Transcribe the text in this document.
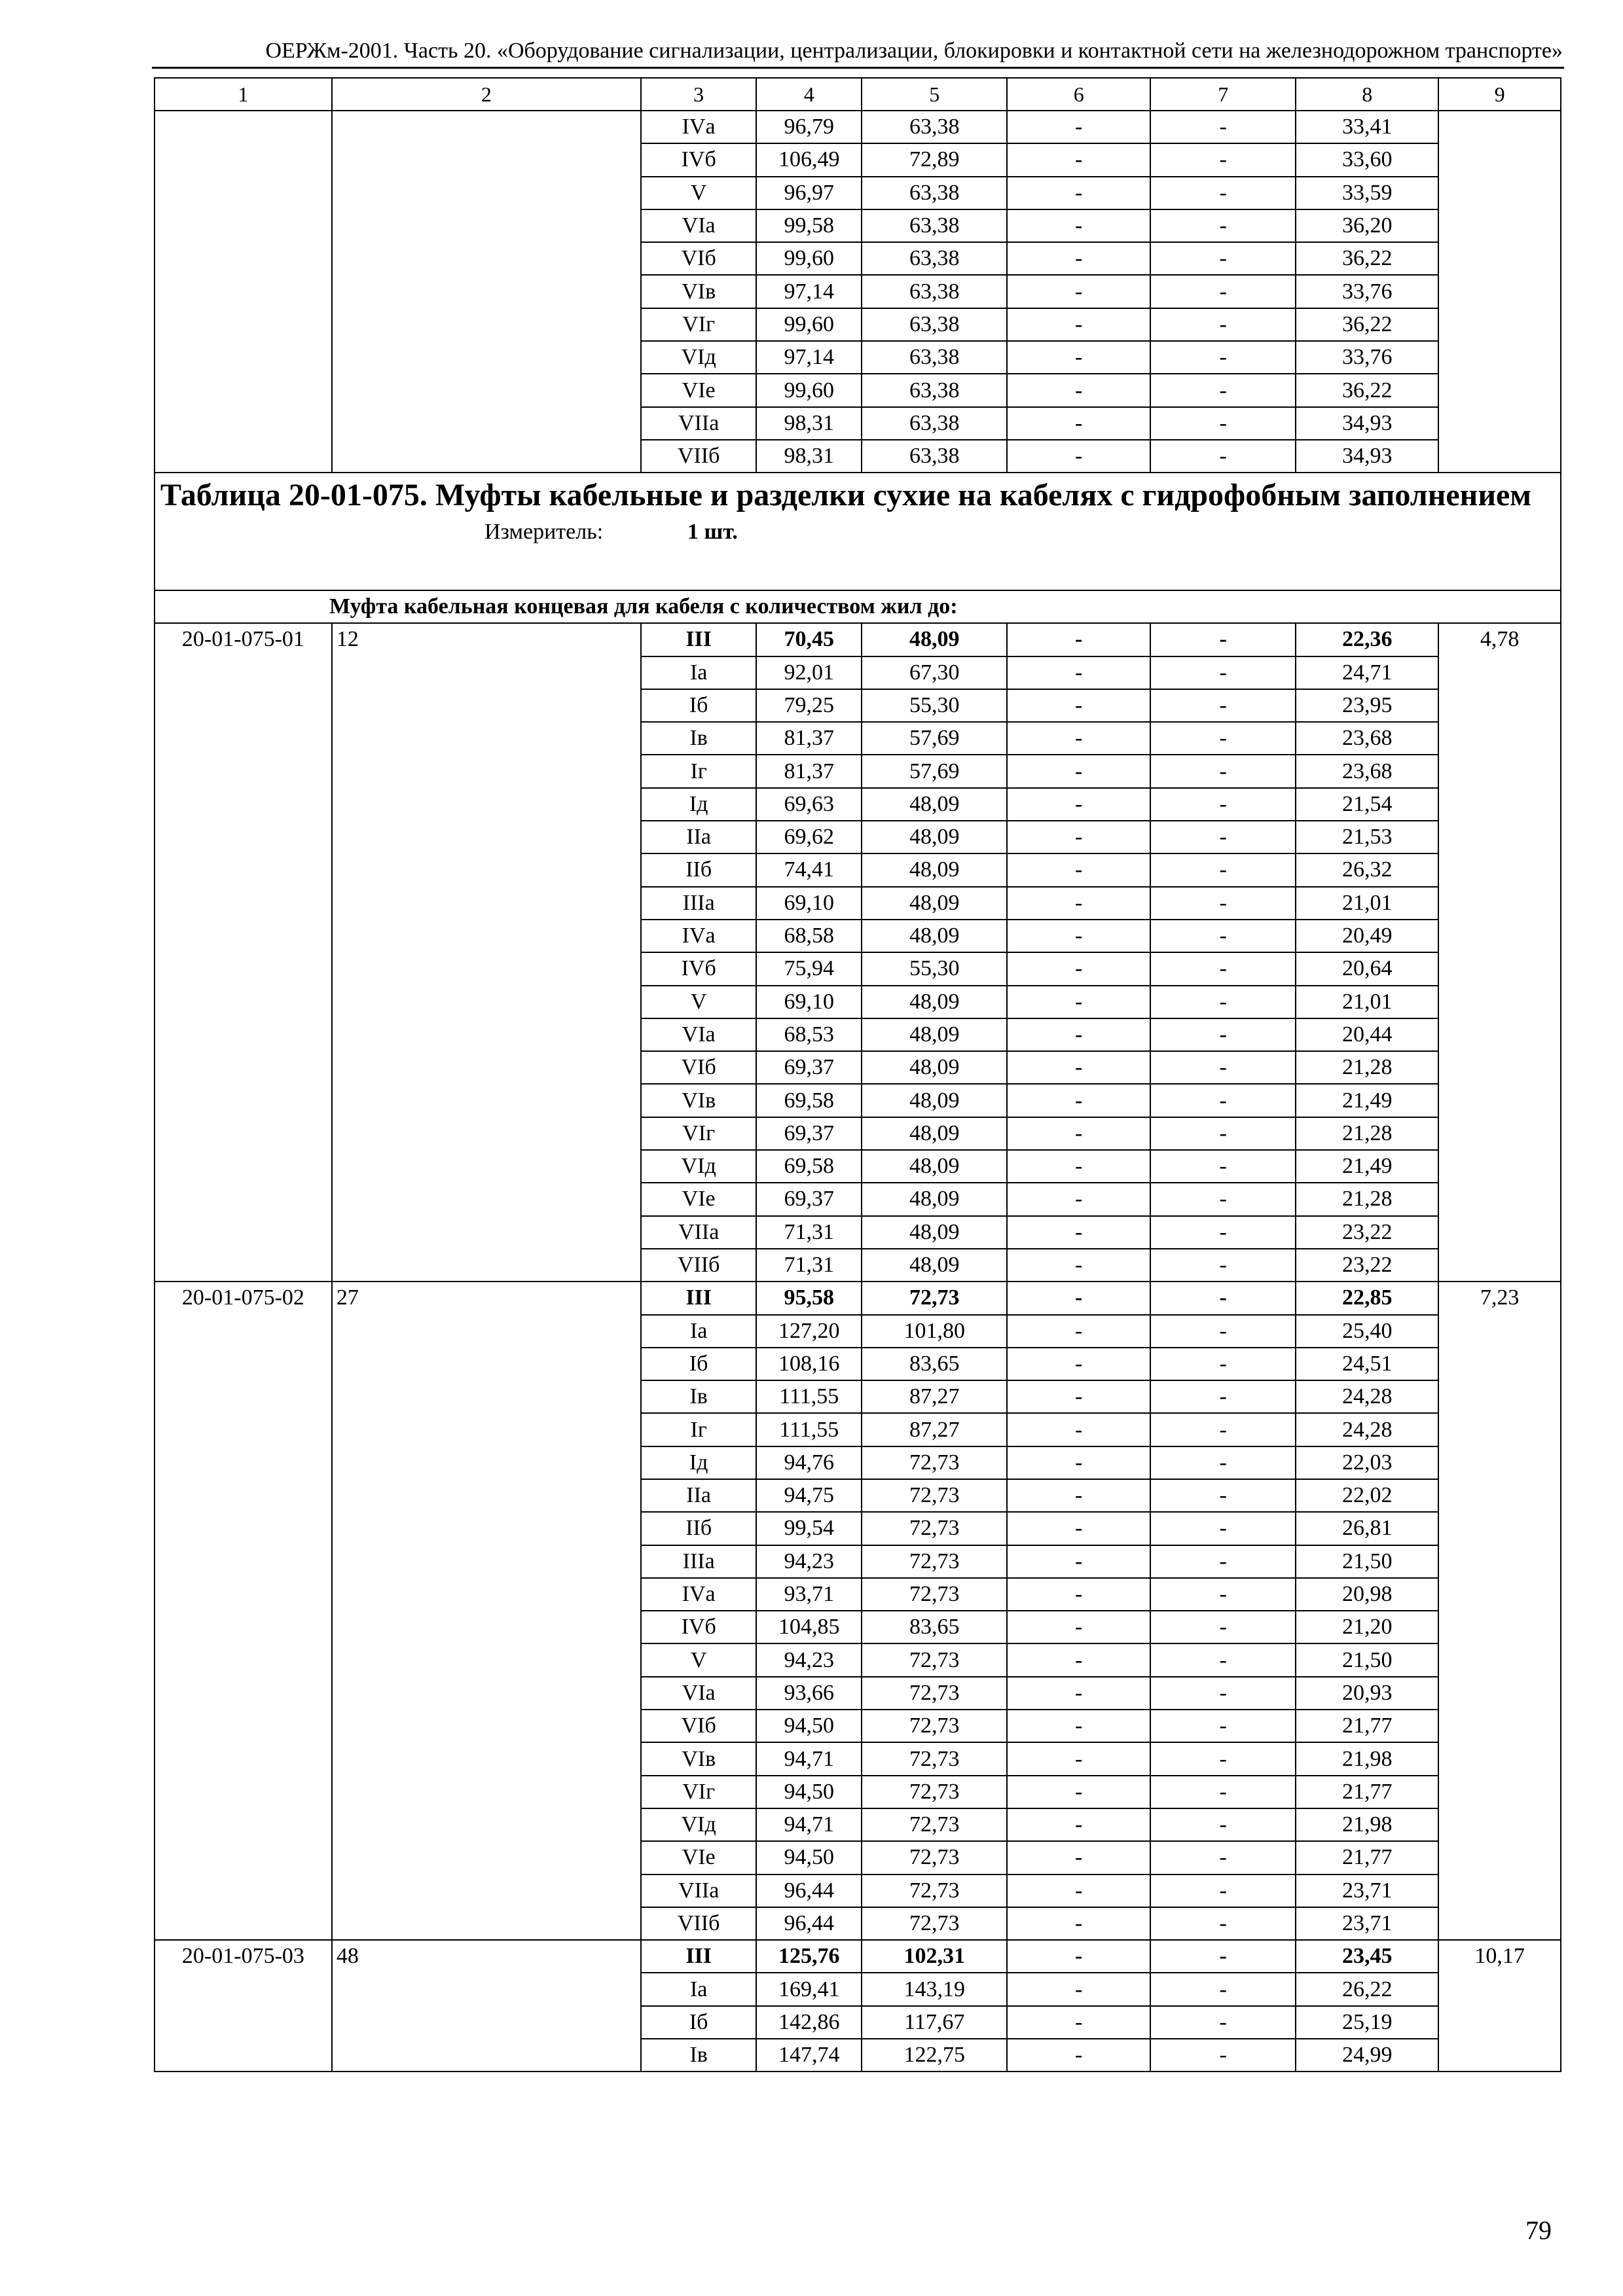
ОЕРЖм-2001. Часть 20. «Оборудование сигнализации, централизации, блокировки и контактной сети на железнодорожном транспорте»
1	2	3	4	5	6	7	8	9
		IVа	96,79	63,38	-	-	33,41	
		IVб	106,49	72,89	-	-	33,60	
		V	96,97	63,38	-	-	33,59	
		VIа	99,58	63,38	-	-	36,20	
		VIб	99,60	63,38	-	-	36,22	
		VIв	97,14	63,38	-	-	33,76	
		VIг	99,60	63,38	-	-	36,22	
		VIд	97,14	63,38	-	-	33,76	
		VIе	99,60	63,38	-	-	36,22	
		VIIа	98,31	63,38	-	-	34,93	
		VIIб	98,31	63,38	-	-	34,93	

Таблица 20-01-075. Муфты кабельные и разделки сухие на кабелях с гидрофобным заполнением
Измеритель: 1 шт.								

Муфта кабельная концевая для кабеля с количеством жил до:								
20-01-075-01	12	III	70,45	48,09	-	-	22,36	4,78
		Iа	92,01	67,30	-	-	24,71	
		Iб	79,25	55,30	-	-	23,95	
		Iв	81,37	57,69	-	-	23,68	
		Iг	81,37	57,69	-	-	23,68	
		Iд	69,63	48,09	-	-	21,54	
		IIа	69,62	48,09	-	-	21,53	
		IIб	74,41	48,09	-	-	26,32	
		IIIа	69,10	48,09	-	-	21,01	
		IVа	68,58	48,09	-	-	20,49	
		IVб	75,94	55,30	-	-	20,64	
		V	69,10	48,09	-	-	21,01	
		VIа	68,53	48,09	-	-	20,44	
		VIб	69,37	48,09	-	-	21,28	
		VIв	69,58	48,09	-	-	21,49	
		VIг	69,37	48,09	-	-	21,28	
		VIд	69,58	48,09	-	-	21,49	
		VIе	69,37	48,09	-	-	21,28	
		VIIа	71,31	48,09	-	-	23,22	
		VIIб	71,31	48,09	-	-	23,22	
20-01-075-02	27	III	95,58	72,73	-	-	22,85	7,23
		Iа	127,20	101,80	-	-	25,40	
		Iб	108,16	83,65	-	-	24,51	
		Iв	111,55	87,27	-	-	24,28	
		Iг	111,55	87,27	-	-	24,28	
		Iд	94,76	72,73	-	-	22,03	
		IIа	94,75	72,73	-	-	22,02	
		IIб	99,54	72,73	-	-	26,81	
		IIIа	94,23	72,73	-	-	21,50	
		IVа	93,71	72,73	-	-	20,98	
		IVб	104,85	83,65	-	-	21,20	
		V	94,23	72,73	-	-	21,50	
		VIа	93,66	72,73	-	-	20,93	
		VIб	94,50	72,73	-	-	21,77	
		VIв	94,71	72,73	-	-	21,98	
		VIг	94,50	72,73	-	-	21,77	
		VIд	94,71	72,73	-	-	21,98	
		VIе	94,50	72,73	-	-	21,77	
		VIIа	96,44	72,73	-	-	23,71	
		VIIб	96,44	72,73	-	-	23,71	
20-01-075-03	48	III	125,76	102,31	-	-	23,45	10,17
		Iа	169,41	143,19	-	-	26,22	
		Iб	142,86	117,67	-	-	25,19	
		Iв	147,74	122,75	-	-	24,99	
79
